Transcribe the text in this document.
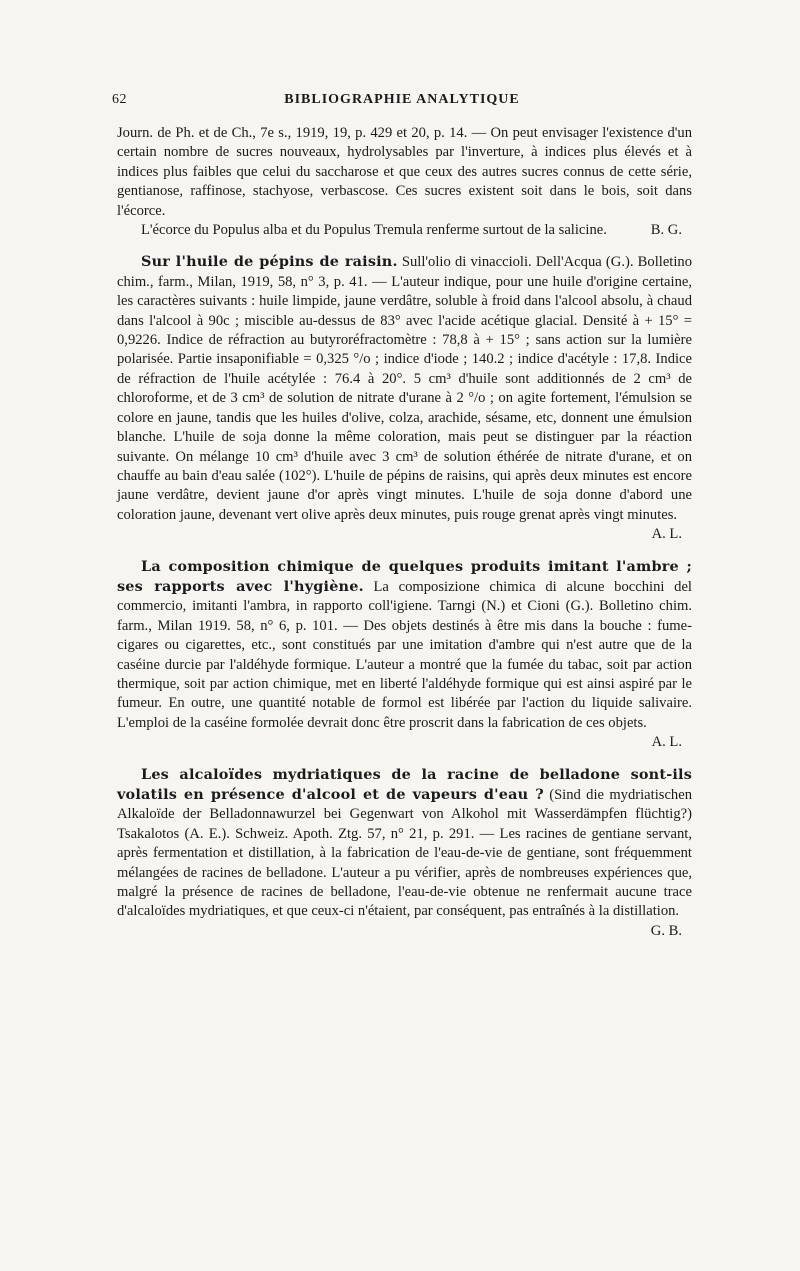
62	BIBLIOGRAPHIE ANALYTIQUE

Journ. de Ph. et de Ch., 7e s., 1919, 19, p. 429 et 20, p. 14. — On peut envisager l'existence d'un certain nombre de sucres nouveaux, hydrolysables par l'inverture, à indices plus élevés et à indices plus faibles que celui du saccharose et que ceux des autres sucres connus de cette série, gentianose, raffinose, stachyose, verbascose. Ces sucres existent soit dans le bois, soit dans l'écorce.

L'écorce du Populus alba et du Populus Tremula renferme surtout de la salicine.	B. G.

Sur l'huile de pépins de raisin. Sull'olio di vinaccioli. Dell'Acqua (G.). Bolletino chim., farm., Milan, 1919, 58, n° 3, p. 41. — L'auteur indique, pour une huile d'origine certaine, les caractères suivants : huile limpide, jaune verdâtre, soluble à froid dans l'alcool absolu, à chaud dans l'alcool à 90c ; miscible au-dessus de 83° avec l'acide acétique glacial. Densité à + 15° = 0,9226. Indice de réfraction au butyroréfractomètre : 78,8 à + 15° ; sans action sur la lumière polarisée. Partie insaponifiable = 0,325 °/o ; indice d'iode ; 140.2 ; indice d'acétyle : 17,8. Indice de réfraction de l'huile acétylée : 76.4 à 20°. 5 cm³ d'huile sont additionnés de 2 cm³ de chloroforme, et de 3 cm³ de solution de nitrate d'urane à 2 °/o ; on agite fortement, l'émulsion se colore en jaune, tandis que les huiles d'olive, colza, arachide, sésame, etc, donnent une émulsion blanche. L'huile de soja donne la même coloration, mais peut se distinguer par la réaction suivante. On mélange 10 cm³ d'huile avec 3 cm³ de solution éthérée de nitrate d'urane, et on chauffe au bain d'eau salée (102°). L'huile de pépins de raisins, qui après deux minutes est encore jaune verdâtre, devient jaune d'or après vingt minutes. L'huile de soja donne d'abord une coloration jaune, devenant vert olive après deux minutes, puis rouge grenat après vingt minutes.
A. L.

La composition chimique de quelques produits imitant l'ambre ; ses rapports avec l'hygiène. La composizione chimica di alcune bocchini del commercio, imitanti l'ambra, in rapporto coll'igiene. Tarngi (N.) et Cioni (G.). Bolletino chim. farm., Milan 1919. 58, n° 6, p. 101. — Des objets destinés à être mis dans la bouche : fume-cigares ou cigarettes, etc., sont constitués par une imitation d'ambre qui n'est autre que de la caséine durcie par l'aldéhyde formique. L'auteur a montré que la fumée du tabac, soit par action thermique, soit par action chimique, met en liberté l'aldéhyde formique qui est ainsi aspiré par le fumeur. En outre, une quantité notable de formol est libérée par l'action du liquide salivaire. L'emploi de la caséine formolée devrait donc être proscrit dans la fabrication de ces objets.

A. L.

Les alcaloïdes mydriatiques de la racine de belladone sont-ils volatils en présence d'alcool et de vapeurs d'eau ? (Sind die mydriatischen Alkaloïde der Belladonnawurzel bei Gegenwart von Alkohol mit Wasserdämpfen flüchtig?) Tsakalotos (A. E.). Schweiz. Apoth. Ztg. 57, n° 21, p. 291. — Les racines de gentiane servant, après fermentation et distillation, à la fabrication de l'eau-de-vie de gentiane, sont fréquemment mélangées de racines de belladone. L'auteur a pu vérifier, après de nombreuses expériences que, malgré la présence de racines de belladone, l'eau-de-vie obtenue ne renfermait aucune trace d'alcaloïdes mydriatiques, et que ceux-ci n'étaient, par conséquent, pas entraînés à la distillation.
G. B.
